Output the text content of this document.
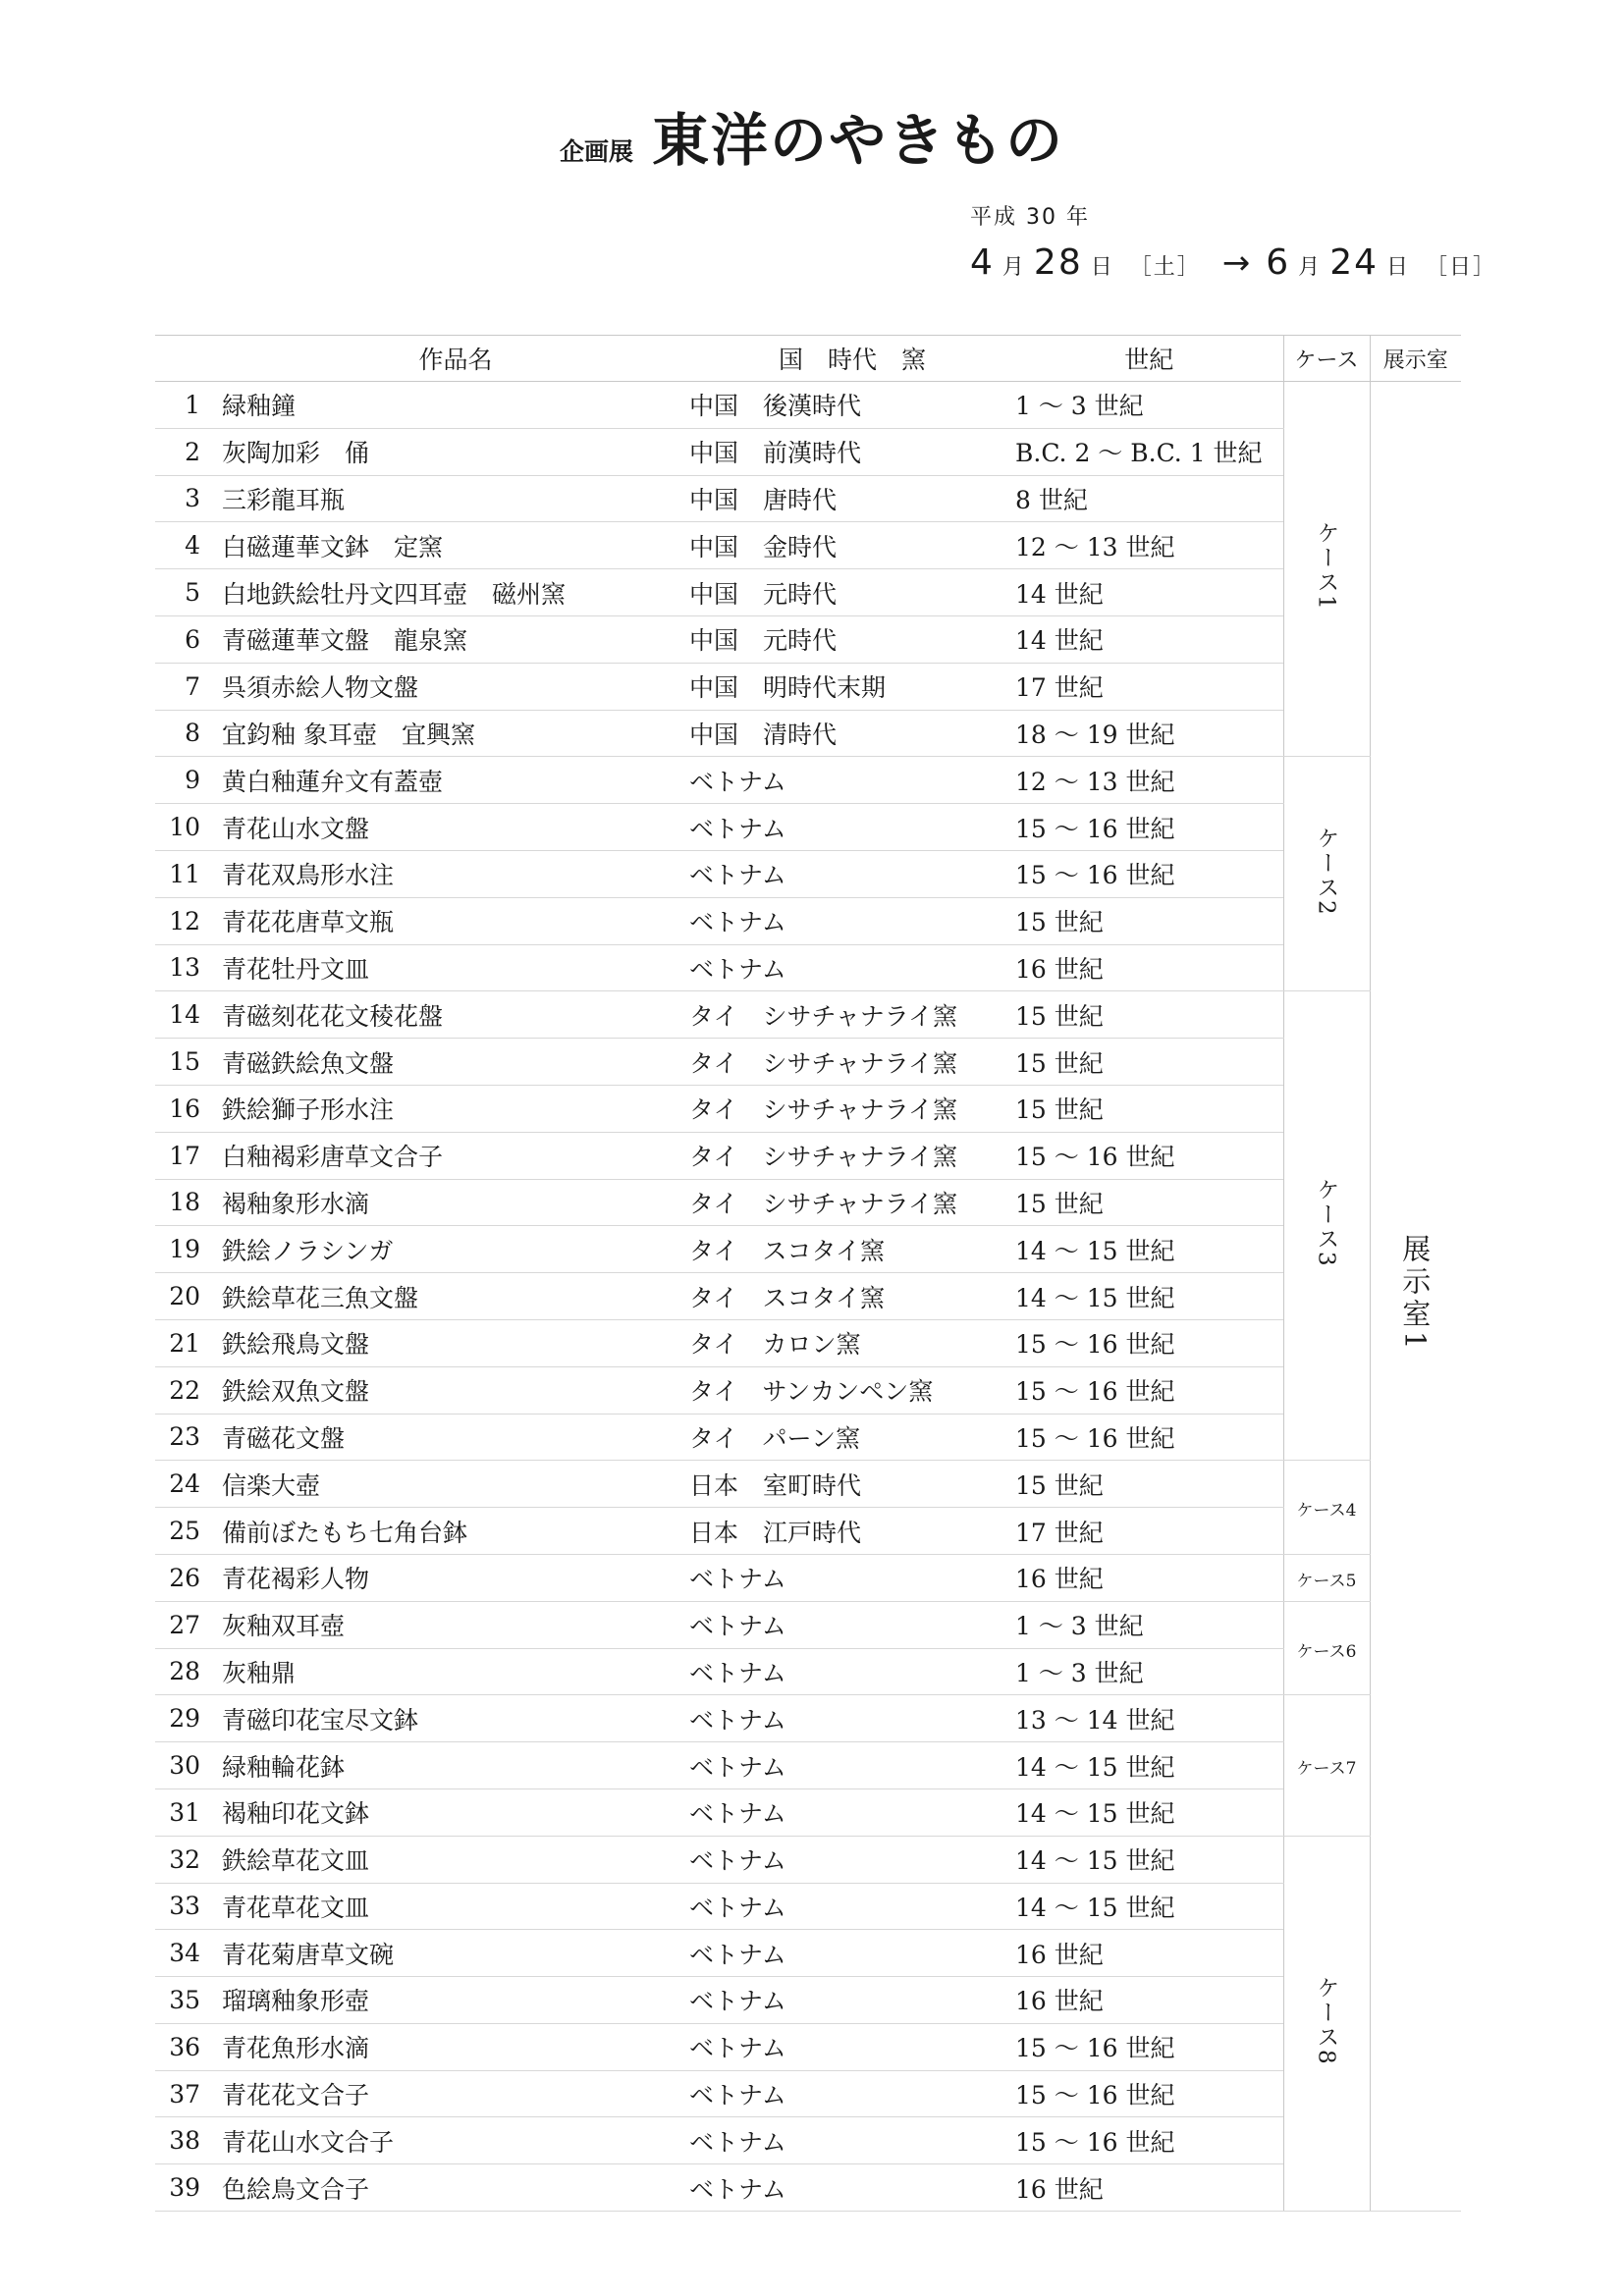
企画展 東洋のやきもの
平成 30 年
4 月 28 日 ［土］ → 6 月 24 日 ［日］
	作品名	国　時代　窯	世紀	ケース	展示室
1	緑釉鐘	中国　後漢時代	1 ～ 3 世紀	ケース1	展示室1
2	灰陶加彩　俑	中国　前漢時代	B.C. 2 ～ B.C. 1 世紀		
3	三彩龍耳瓶	中国　唐時代	8 世紀		
4	白磁蓮華文鉢　定窯	中国　金時代	12 ～ 13 世紀		
5	白地鉄絵牡丹文四耳壺　磁州窯	中国　元時代	14 世紀		
6	青磁蓮華文盤　龍泉窯	中国　元時代	14 世紀		
7	呉須赤絵人物文盤	中国　明時代末期	17 世紀		
8	宜鈞釉 象耳壺　宜興窯	中国　清時代	18 ～ 19 世紀		
9	黄白釉蓮弁文有蓋壺	ベトナム	12 ～ 13 世紀	ケース2	
10	青花山水文盤	ベトナム	15 ～ 16 世紀		
11	青花双鳥形水注	ベトナム	15 ～ 16 世紀		
12	青花花唐草文瓶	ベトナム	15 世紀		
13	青花牡丹文皿	ベトナム	16 世紀		
14	青磁刻花花文稜花盤	タイ　シサチャナライ窯	15 世紀	ケース3	
15	青磁鉄絵魚文盤	タイ　シサチャナライ窯	15 世紀		
16	鉄絵獅子形水注	タイ　シサチャナライ窯	15 世紀		
17	白釉褐彩唐草文合子	タイ　シサチャナライ窯	15 ～ 16 世紀		
18	褐釉象形水滴	タイ　シサチャナライ窯	15 世紀		
19	鉄絵ノラシンガ	タイ　スコタイ窯	14 ～ 15 世紀		
20	鉄絵草花三魚文盤	タイ　スコタイ窯	14 ～ 15 世紀		
21	鉄絵飛鳥文盤	タイ　カロン窯	15 ～ 16 世紀		
22	鉄絵双魚文盤	タイ　サンカンペン窯	15 ～ 16 世紀		
23	青磁花文盤	タイ　パーン窯	15 ～ 16 世紀		
24	信楽大壺	日本　室町時代	15 世紀	ケース4	
25	備前ぼたもち七角台鉢	日本　江戸時代	17 世紀		
26	青花褐彩人物	ベトナム	16 世紀	ケース5	
27	灰釉双耳壺	ベトナム	1 ～ 3 世紀	ケース6	
28	灰釉鼎	ベトナム	1 ～ 3 世紀		
29	青磁印花宝尽文鉢	ベトナム	13 ～ 14 世紀	ケース7	
30	緑釉輪花鉢	ベトナム	14 ～ 15 世紀		
31	褐釉印花文鉢	ベトナム	14 ～ 15 世紀		
32	鉄絵草花文皿	ベトナム	14 ～ 15 世紀	ケース8	
33	青花草花文皿	ベトナム	14 ～ 15 世紀		
34	青花菊唐草文碗	ベトナム	16 世紀		
35	瑠璃釉象形壺	ベトナム	16 世紀		
36	青花魚形水滴	ベトナム	15 ～ 16 世紀		
37	青花花文合子	ベトナム	15 ～ 16 世紀		
38	青花山水文合子	ベトナム	15 ～ 16 世紀		
39	色絵鳥文合子	ベトナム	16 世紀		
